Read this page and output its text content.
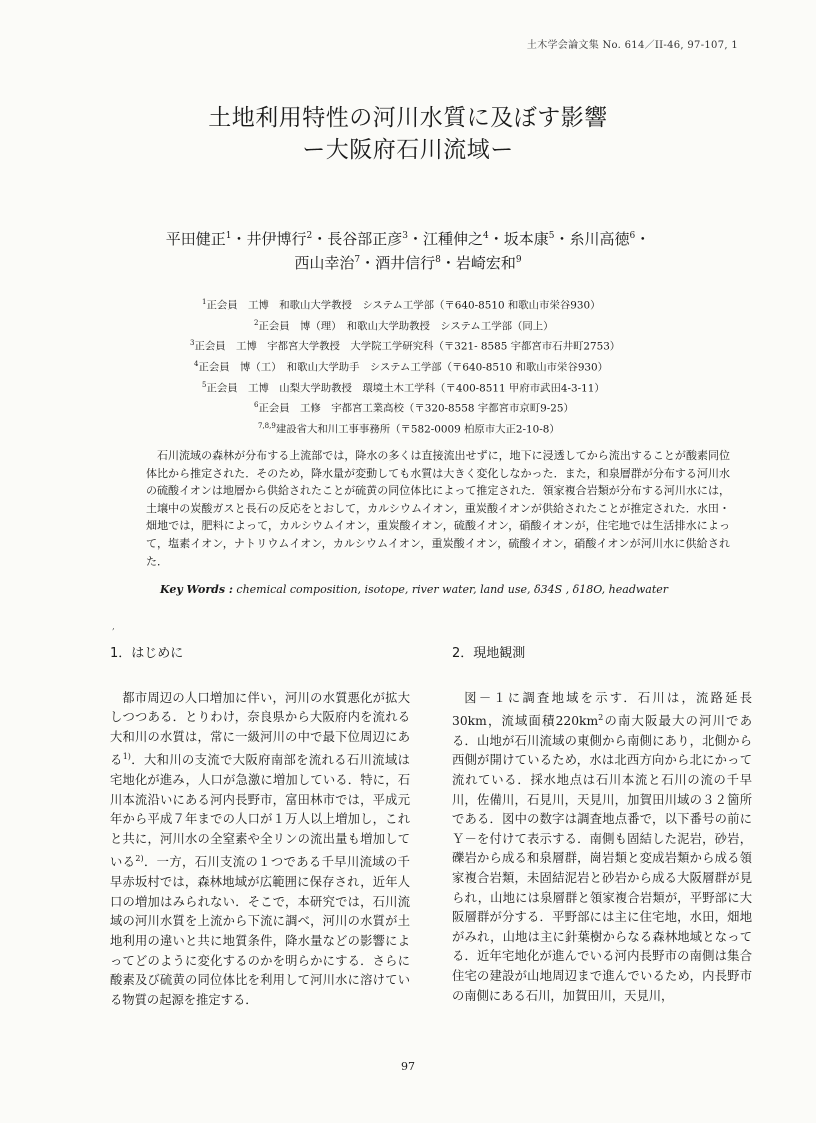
土木学会論文集 No. 614／II-46, 97-107, 1
土地利用特性の河川水質に及ぼす影響
ー大阪府石川流域ー
平田健正$^1$・井伊博行$^2$・長谷部正彦$^3$・江種伸之$^4$・坂本康$^5$・糸川高徳$^6$・
西山幸治$^7$・酒井信行$^8$・岩崎宏和$^9$
$^1$正会員　工博　和歌山大学教授　システム工学部（〒640-8510 和歌山市栄谷930）
$^2$正会員　博（理）　和歌山大学助教授　システム工学部（同上）
$^3$正会員　工博　宇都宮大学教授　大学院工学研究科（〒321- 8585 宇都宮市石井町2753）
$^4$正会員　博（工）　和歌山大学助手　システム工学部（〒640-8510 和歌山市栄谷930）
$^5$正会員　工博　山梨大学助教授　環境土木工学科（〒400-8511 甲府市武田4-3-11）
$^6$正会員　工修　宇都宮工業高校（〒320-8558 宇都宮市京町9-25）
$^{7,8,9}$建設省大和川工事事務所（〒582-0009 柏原市大正2-10-8）
石川流域の森林が分布する上流部では，降水の多くは直接流出せずに，地下に浸透してから流出することが酸素同位体比から推定された．そのため，降水量が変動しても水質は大きく変化しなかった．また，和泉層群が分布する河川水の硫酸イオンは地層から供給されたことが硫黄の同位体比によって推定された．領家複合岩類が分布する河川水には，土壌中の炭酸ガスと長石の反応をとおして，カルシウムイオン，重炭酸イオンが供給されたことが推定された．水田・畑地では，肥料によって，カルシウムイオン，重炭酸イオン，硫酸イオン，硝酸イオンが，住宅地では生活排水によって，塩素イオン，ナトリウムイオン，カルシウムイオン，重炭酸イオン，硫酸イオン，硝酸イオンが河川水に供給された．
Key Words : chemical composition, isotope, river water, land use, δ34S , δ18O, headwater
,
1．はじめに
都市周辺の人口増加に伴い，河川の水質悪化が拡大しつつある．とりわけ，奈良県から大阪府内を流れる大和川の水質は，常に一級河川の中で最下位周辺にある$^{1)}$．大和川の支流で大阪府南部を流れる石川流域は宅地化が進み，人口が急激に増加している．特に，石川本流沿いにある河内長野市，富田林市では，平成元年から平成７年までの人口が１万人以上増加し，これと共に，河川水の全窒素や全リンの流出量も増加している$^{2)}$．一方，石川支流の１つである千早川流域の千早赤坂村では，森林地域が広範囲に保存され，近年人口の増加はみられない．そこで，本研究では，石川流域の河川水質を上流から下流に調べ，河川の水質が土地利用の違いと共に地質条件，降水量などの影響によってどのように変化するのかを明らかにする．さらに酸素及び硫黄の同位体比を利用して河川水に溶けている物質の起源を推定する．
2．現地観測
図－１に調査地域を示す．石川は，流路延長30km，流域面積$220km^2$の南大阪最大の河川である．山地が石川流域の東側から南側にあり，北側から西側が開けているため，水は北西方向から北にかって流れている．採水地点は石川本流と石川の流の千早川，佐備川，石見川，天見川，加賀田川域の３２箇所である．図中の数字は調査地点番で，以下番号の前にＹ－を付けて表示する．南側も固結した泥岩，砂岩，礫岩から成る和泉層群，崗岩類と変成岩類から成る領家複合岩類，未固結泥岩と砂岩から成る大阪層群が見られ，山地には泉層群と領家複合岩類が，平野部に大阪層群が分する．平野部には主に住宅地，水田，畑地がみれ，山地は主に針葉樹からなる森林地域となってる．近年宅地化が進んでいる河内長野市の南側は集合住宅の建設が山地周辺まで進んでいるため，内長野市の南側にある石川，加賀田川，天見川，
97
